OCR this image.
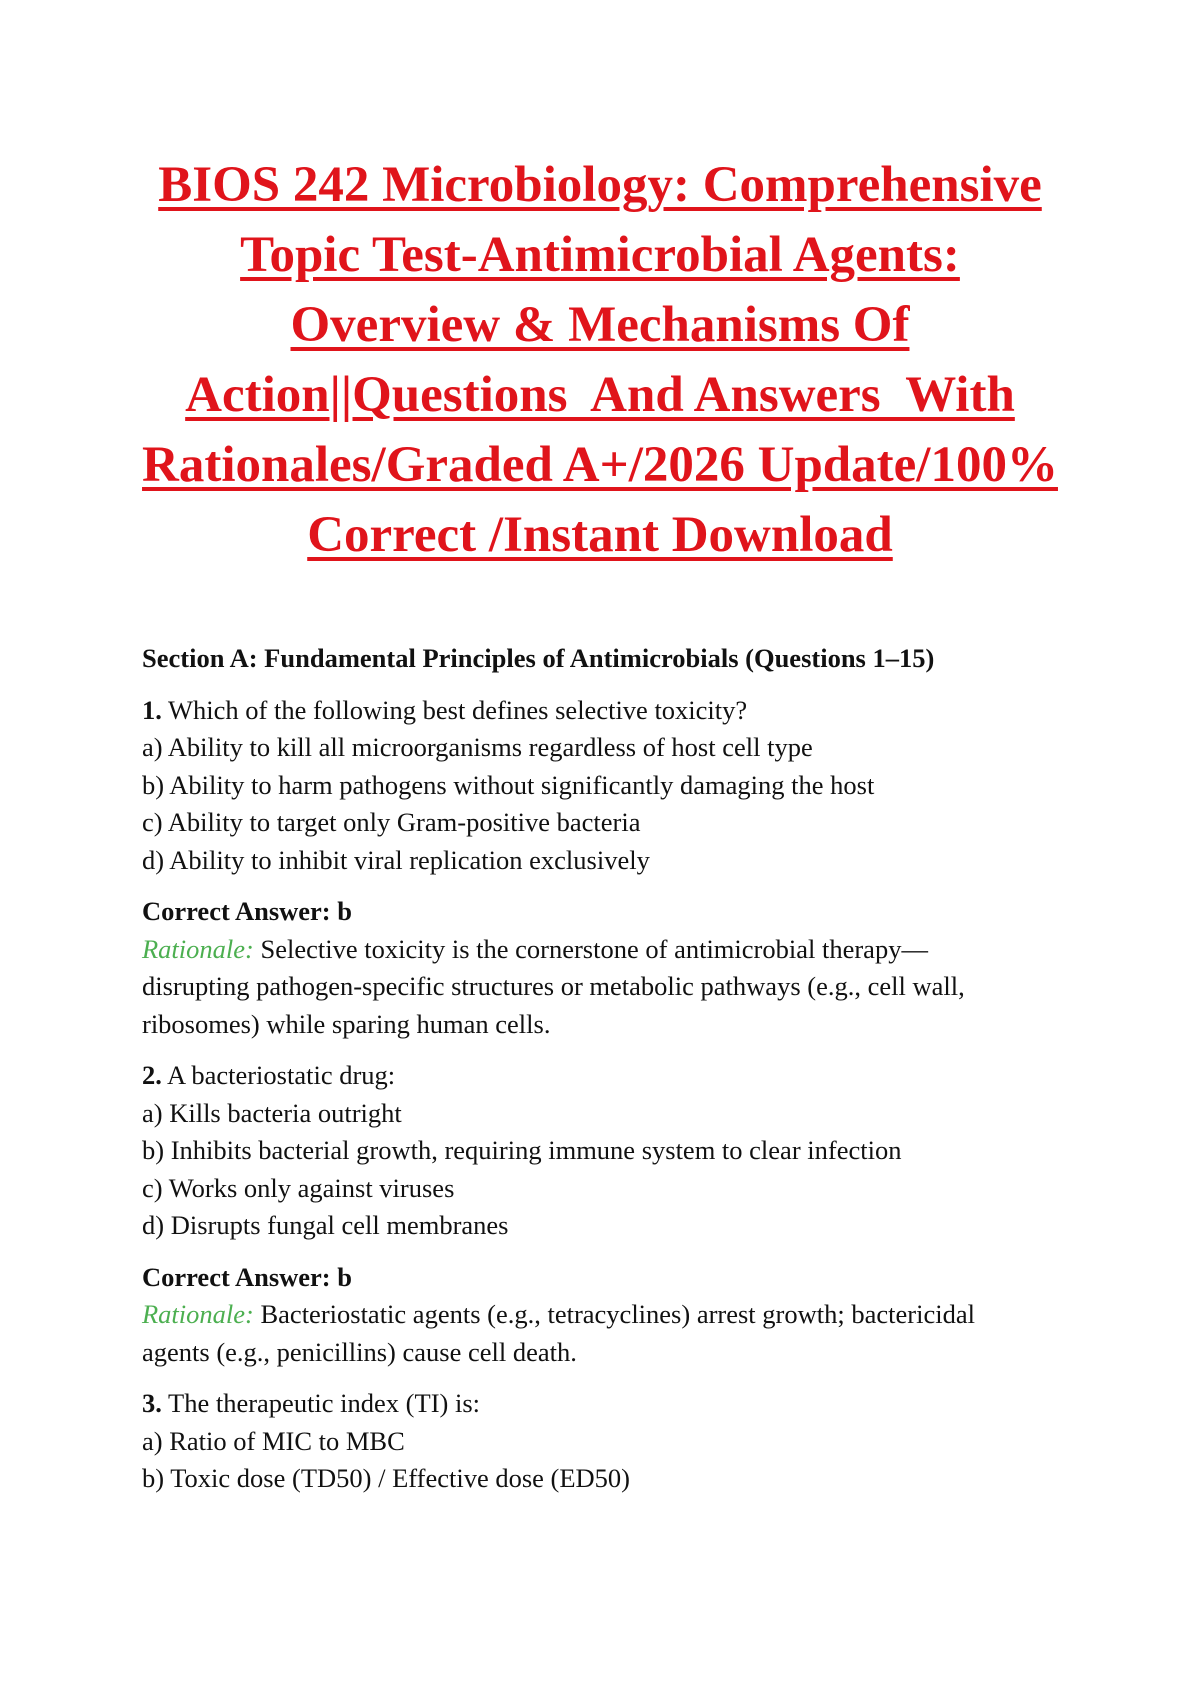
BIOS 242 Microbiology: Comprehensive
Topic Test-Antimicrobial Agents:
Overview & Mechanisms Of
Action||Questions  And Answers  With
Rationales/Graded A+/2026 Update/100%
Correct /Instant Download
Section A: Fundamental Principles of Antimicrobials (Questions 1–15)
1. Which of the following best defines selective toxicity?
a) Ability to kill all microorganisms regardless of host cell type
b) Ability to harm pathogens without significantly damaging the host
c) Ability to target only Gram-positive bacteria
d) Ability to inhibit viral replication exclusively
Correct Answer: b
Rationale: Selective toxicity is the cornerstone of antimicrobial therapy—
disrupting pathogen-specific structures or metabolic pathways (e.g., cell wall,
ribosomes) while sparing human cells.
2. A bacteriostatic drug:
a) Kills bacteria outright
b) Inhibits bacterial growth, requiring immune system to clear infection
c) Works only against viruses
d) Disrupts fungal cell membranes
Correct Answer: b
Rationale: Bacteriostatic agents (e.g., tetracyclines) arrest growth; bactericidal
agents (e.g., penicillins) cause cell death.
3. The therapeutic index (TI) is:
a) Ratio of MIC to MBC
b) Toxic dose (TD50) / Effective dose (ED50)
